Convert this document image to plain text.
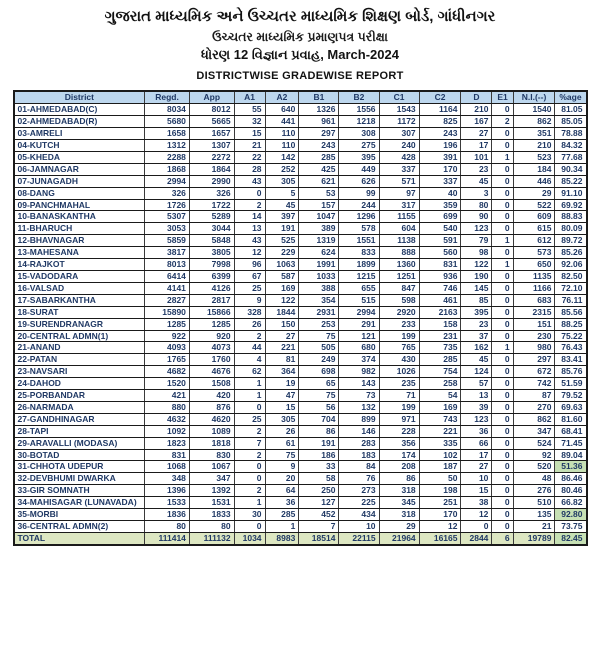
ગુજરાત માધ્યમિક અને ઉચ્ચતર માધ્યમિક શિક્ષણ બોર્ડ, ગાંધીનગર
ઉચ્ચતર માધ્યમિક પ્રમાણપત્ર પરીક્ષા
ધોરણ 12 વિજ્ઞાન પ્રવાહ, March-2024
DISTRICTWISE GRADEWISE REPORT
District	Regd.	App	A1	A2	B1	B2	C1	C2	D	E1	N.I.(--)	%age
01-AHMEDABAD(C)	8034	8012	55	640	1326	1556	1543	1164	210	0	1540	81.05
02-AHMEDABAD(R)	5680	5665	32	441	961	1218	1172	825	167	2	862	85.05
03-AMRELI	1658	1657	15	110	297	308	307	243	27	0	351	78.88
04-KUTCH	1312	1307	21	110	243	275	240	196	17	0	210	84.32
05-KHEDA	2288	2272	22	142	285	395	428	391	101	1	523	77.68
06-JAMNAGAR	1868	1864	28	252	425	449	337	170	23	0	184	90.34
07-JUNAGADH	2994	2990	43	305	621	626	571	337	45	0	446	85.22
08-DANG	326	326	0	5	53	99	97	40	3	0	29	91.10
09-PANCHMAHAL	1726	1722	2	45	157	244	317	359	80	0	522	69.92
10-BANASKANTHA	5307	5289	14	397	1047	1296	1155	699	90	0	609	88.83
11-BHARUCH	3053	3044	13	191	389	578	604	540	123	0	615	80.09
12-BHAVNAGAR	5859	5848	43	525	1319	1551	1138	591	79	1	612	89.72
13-MAHESANA	3817	3805	12	229	624	833	888	560	98	0	573	85.26
14-RAJKOT	8013	7998	96	1063	1991	1899	1360	831	122	1	650	92.06
15-VADODARA	6414	6399	67	587	1033	1215	1251	936	190	0	1135	82.50
16-VALSAD	4141	4126	25	169	388	655	847	746	145	0	1166	72.10
17-SABARKANTHA	2827	2817	9	122	354	515	598	461	85	0	683	76.11
18-SURAT	15890	15866	328	1844	2931	2994	2920	2163	395	0	2315	85.56
19-SURENDRANAGR	1285	1285	26	150	253	291	233	158	23	0	151	88.25
20-CENTRAL ADMN(1)	922	920	2	27	75	121	199	231	37	0	230	75.22
21-ANAND	4093	4073	44	221	505	680	765	735	162	1	980	76.43
22-PATAN	1765	1760	4	81	249	374	430	285	45	0	297	83.41
23-NAVSARI	4682	4676	62	364	698	982	1026	754	124	0	672	85.76
24-DAHOD	1520	1508	1	19	65	143	235	258	57	0	742	51.59
25-PORBANDAR	421	420	1	47	75	73	71	54	13	0	87	79.52
26-NARMADA	880	876	0	15	56	132	199	169	39	0	270	69.63
27-GANDHINAGAR	4632	4620	25	305	704	899	971	743	123	0	862	81.60
28-TAPI	1092	1089	2	26	86	146	228	221	36	0	347	68.41
29-ARAVALLI (MODASA)	1823	1818	7	61	191	283	356	335	66	0	524	71.45
30-BOTAD	831	830	2	75	186	183	174	102	17	0	92	89.04
31-CHHOTA UDEPUR	1068	1067	0	9	33	84	208	187	27	0	520	51.36
32-DEVBHUMI DWARKA	348	347	0	20	58	76	86	50	10	0	48	86.46
33-GIR SOMNATH	1396	1392	2	64	250	273	318	198	15	0	276	80.46
34-MAHISAGAR (LUNAVADA)	1533	1531	1	36	127	225	345	251	38	0	510	66.82
35-MORBI	1836	1833	30	285	452	434	318	170	12	0	135	92.80
36-CENTRAL ADMN(2)	80	80	0	1	7	10	29	12	0	0	21	73.75
TOTAL	111414	111132	1034	8983	18514	22115	21964	16165	2844	6	19789	82.45
